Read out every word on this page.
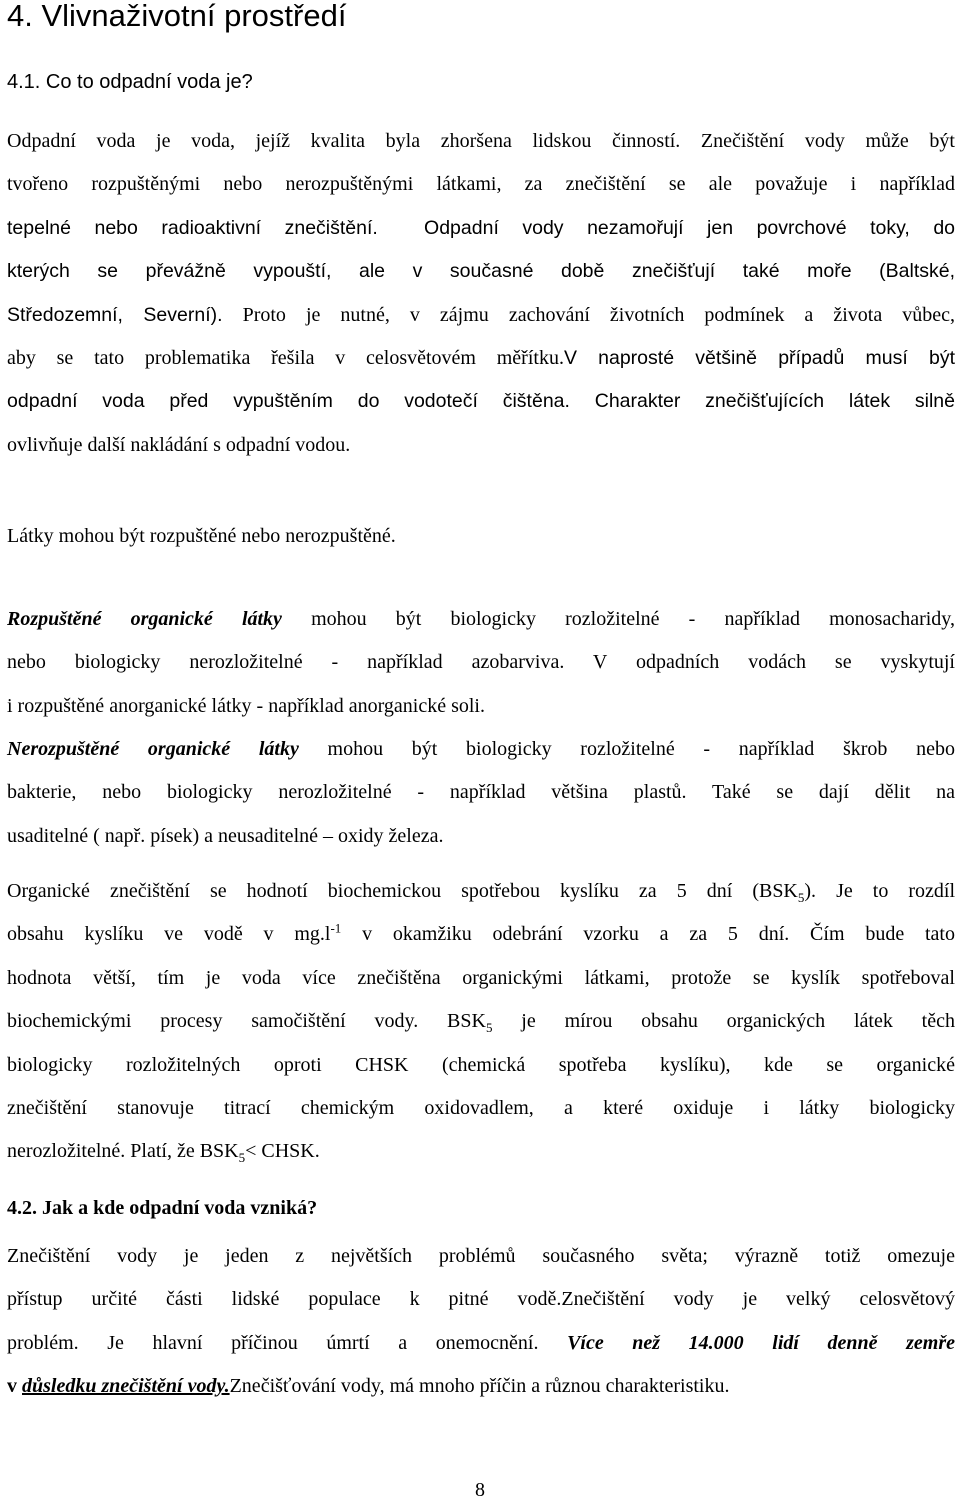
4. Vlivnaživotní prostředí
4.1. Co to odpadní voda je?
Odpadní voda je voda, jejíž kvalita byla zhoršena lidskou činností. Znečištění vody může být
tvořeno rozpuštěnými nebo nerozpuštěnými látkami, za znečištění se ale považuje i například
tepelné nebo radioaktivní znečištění. Odpadní vody nezamořují jen povrchové toky, do
kterých se převážně vypouští, ale v současné době znečišťují také moře (Baltské,
Středozemní, Severní). Proto je nutné, v zájmu zachování životních podmínek a života vůbec,
aby se tato problematika řešila v celosvětovém měřítku.V naprosté většině případů musí být
odpadní voda před vypuštěním do vodotečí čištěna. Charakter znečišťujících látek silně
ovlivňuje další nakládání s odpadní vodou.
Látky mohou být rozpuštěné nebo nerozpuštěné.
Rozpuštěné organické látky mohou být biologicky rozložitelné - například monosacharidy,
nebo biologicky nerozložitelné - například azobarviva. V odpadních vodách se vyskytují
i rozpuštěné anorganické látky - například anorganické soli.
Nerozpuštěné organické látky mohou být biologicky rozložitelné - například škrob nebo
bakterie, nebo biologicky nerozložitelné - například většina plastů. Také se dají dělit na
usaditelné ( např. písek) a neusaditelné – oxidy železa.
Organické znečištění se hodnotí biochemickou spotřebou kyslíku za 5 dní $(BSK_5)$. Je to rozdíl
obsahu kyslíku ve vodě v $mg.l^{-1}$ v okamžiku odebrání vzorku a za 5 dní. Čím bude tato
hodnota větší, tím je voda více znečištěna organickými látkami, protože se kyslík spotřeboval
biochemickými procesy samočištění vody. $BSK_5$ je mírou obsahu organických látek těch
biologicky rozložitelných oproti CHSK (chemická spotřeba kyslíku), kde se organické
znečištění stanovuje titrací chemickým oxidovadlem, a které oxiduje i látky biologicky
nerozložitelné. Platí, že $BSK_5<$ CHSK.
4.2. Jak a kde odpadní voda vzniká?
Znečištění vody je jeden z největších problémů současného světa; výrazně totiž omezuje
přístup určité části lidské populace k pitné vodě.Znečištění vody je velký celosvětový
problém. Je hlavní příčinou úmrtí a onemocnění. Více než 14.000 lidí denně zemře
v důsledku znečištění vody.Znečišťování vody, má mnoho příčin a různou charakteristiku.
8
